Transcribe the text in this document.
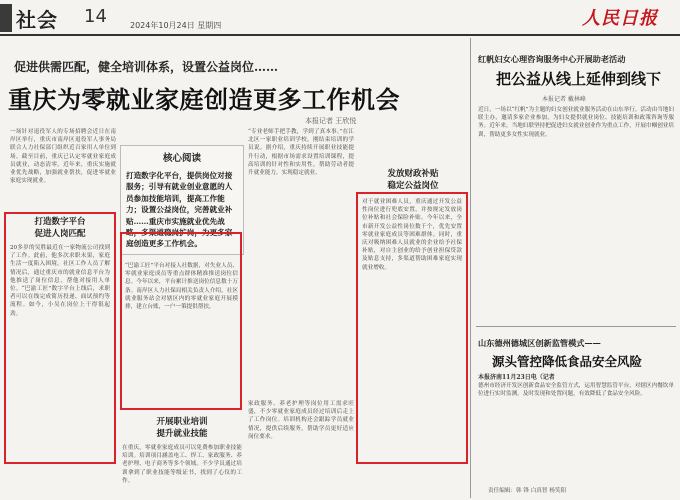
社会 14	2024年10月24日 星期四	人民日报
促进供需匹配，健全培训体系，设置公益岗位……
重庆为零就业家庭创造更多工作机会
本报记者 王欣悦
一场针对退役军人的专场招聘会近日在南岸区举行，重庆市南岸区退役军人事务局联合人力社保部门组织近百家用人单位到场。截至目前，重庆已认定零就业家庭成员就业，动态清零。近年来，重庆实施就业优先战略，加强就业帮扶，促进零就业家庭实现就业。
打造数字平台
促进人岗匹配
20多岁的吴胜最近在一家物流公司找到了工作。此前，他多次求职未果，家庭生活一度陷入困境。社区工作人员了解情况后，通过重庆市的就业信息平台为他推送了岗位信息，帮他对接用人单位。“巴渝工匠”数字平台上线后，求职者可以在线完成简历投递、面试预约等流程。如今，小吴在岗位上干得很起劲。
核心阅读
打造数字化平台，提供岗位对接服务；引导有就业创业意愿的人员参加技能培训，提高工作能力；设置公益岗位，完善就业补贴……重庆市实施就业优先战略，多渠道稳岗扩岗，为更多家庭创造更多工作机会。
“巴渝工匠”平台对接人社数据，对失业人员、零就业家庭成员等重点群体精准推送岗位信息。今年以来，平台累计推送岗位信息数十万条。南岸区人力社保局相关负责人介绍，社区就业服务站会对辖区内的零就业家庭开展摸排，建立台账，一户一策提供帮扶。
开展职业培训
提升就业技能
在重庆，零就业家庭成员可以免费参加职业技能培训。培训项目涵盖电工、焊工、家政服务、养老护理、电子商务等多个领域。不少学员通过培训拿到了职业技能等级证书，找到了心仪的工作。
“专业老师手把手教，学到了真本事。”在江北区一家职业培训学校，刚结束培训的学员说。据介绍，重庆持续开展职业技能提升行动，根据市场需求设置培训课程，提高培训的针对性和实用性，帮助劳动者提升就业能力，实现稳定就业。
家政服务、养老护理等岗位用工需求旺盛，不少零就业家庭成员经过培训后走上了工作岗位。培训机构还会跟踪学员就业情况，提供后续服务，帮助学员更好适应岗位要求。
发放财政补贴
稳定公益岗位
对于就业困难人员，重庆通过开发公益性岗位进行兜底安置，并按规定发放岗位补贴和社会保险补贴。今年以来，全市新开发公益性岗位数千个，优先安置零就业家庭成员等困难群体。同时，重庆对吸纳困难人员就业的企业给予社保补贴，对自主创业的给予创业担保贷款及贴息支持，多渠道帮助困难家庭实现就业增收。
红帆妇女心理咨询服务中心开展助老活动
把公益从线上延伸到线下
本报记者 戴林峰
近日，一场以“红帆”为主题的妇女创业就业服务活动在山东举行。活动由当地妇联主办，邀请多家企业参加，为妇女提供就业岗位、技能培训和政策咨询等服务。近年来，当地妇联坚持把促进妇女就业创业作为重点工作，开展巾帼创业培训，帮助更多女性实现就业。
山东德州德城区创新监管模式——
源头管控降低食品安全风险
本报济南11月23日电（记者
德州市经济开发区创新食品安全监管方式，运用智慧监管平台，对辖区内餐饮单位进行实时监测，及时发现和处置问题，有效降低了食品安全风险。
责任编辑：韩 锋 白真智 杨笑阳
